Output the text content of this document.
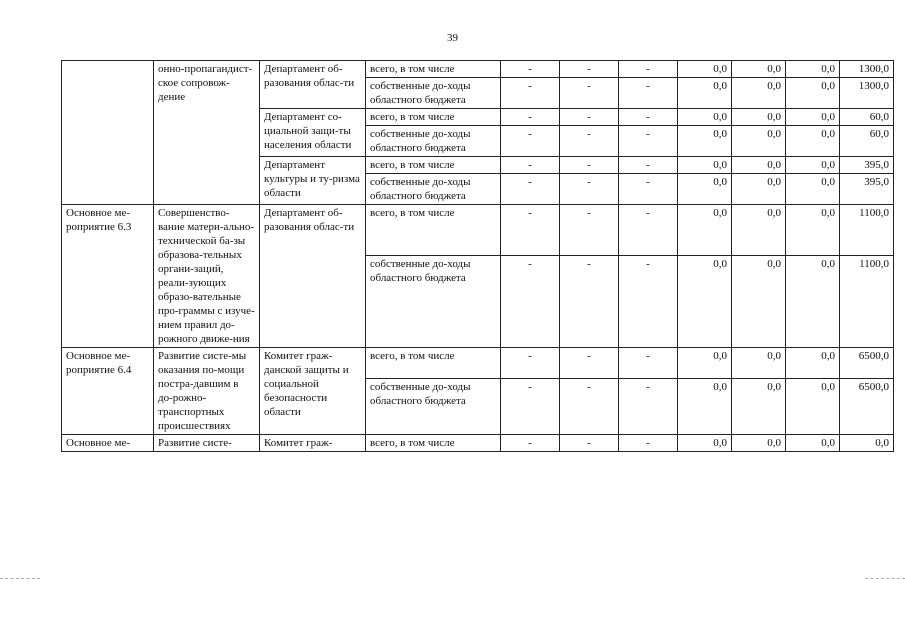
39
	онно-пропагандист-ское сопровож-дение	Департамент об-разования облас-ти	всего, в том числе	-	-	-	0,0	0,0	0,0	1300,0
			собственные до-ходы областного бюджета	-	-	-	0,0	0,0	0,0	1300,0
		Департамент со-циальной защи-ты населения области	всего, в том числе	-	-	-	0,0	0,0	0,0	60,0
			собственные до-ходы областного бюджета	-	-	-	0,0	0,0	0,0	60,0
		Департамент культуры и ту-ризма области	всего, в том числе	-	-	-	0,0	0,0	0,0	395,0
			собственные до-ходы областного бюджета	-	-	-	0,0	0,0	0,0	395,0
Основное ме-роприятие 6.3	Совершенство-вание матери-ально-технической ба-зы образова-тельных органи-заций, реали-зующих образо-вательные про-граммы с изуче-нием правил до-рожного движе-ния	Департамент об-разования облас-ти	всего, в том числе	-	-	-	0,0	0,0	0,0	1100,0
			собственные до-ходы областного бюджета	-	-	-	0,0	0,0	0,0	1100,0
Основное ме-роприятие 6.4	Развитие систе-мы оказания по-мощи постра-давшим в до-рожно-транспортных происшествиях	Комитет граж-данской защиты и социальной безопасности области	всего, в том числе	-	-	-	0,0	0,0	0,0	6500,0
			собственные до-ходы областного бюджета	-	-	-	0,0	0,0	0,0	6500,0
Основное ме-	Развитие систе-	Комитет граж-	всего, в том числе	-	-	-	0,0	0,0	0,0	0,0
